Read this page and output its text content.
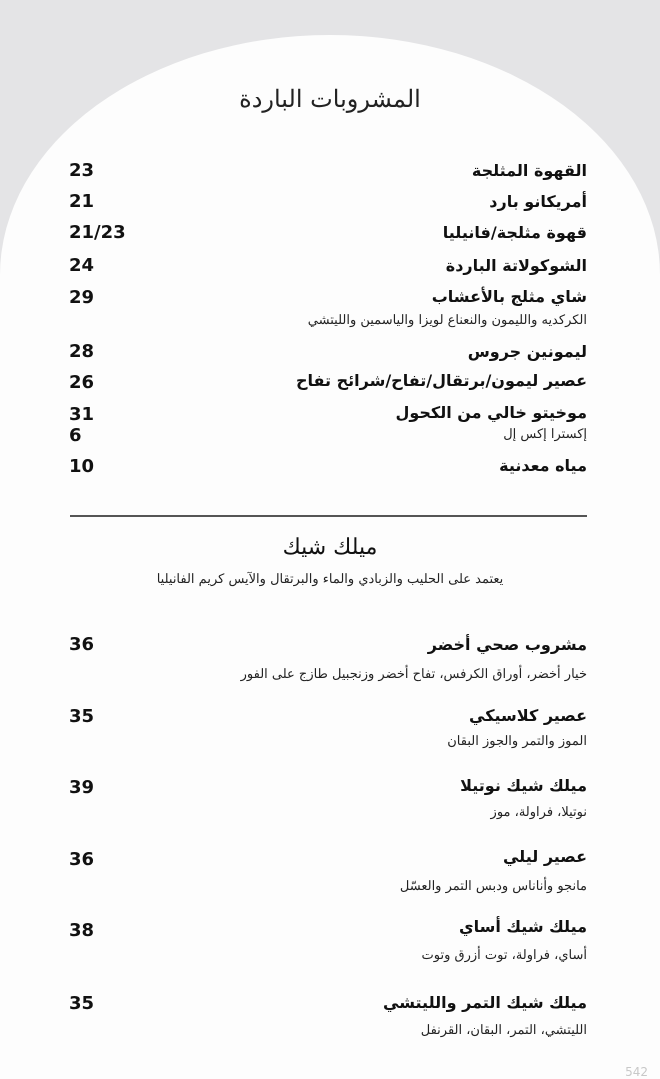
المشروبات الباردة
القهوة المثلجة
23
أمريكانو بارد
21
قهوة مثلجة/فانيليا
21/23
الشوكولاتة الباردة
24
شاي مثلج بالأعشاب
الكركديه والليمون والنعناع لويزا والياسمين والليتشي
29
ليمونين جروس
28
عصير ليمون/برتقال/تفاح/شرائح تفاح
26
موخيتو خالي من الكحول
إكسترا إكس إل
31
6
مياه معدنية
10
ميلك شيك
يعتمد على الحليب والزبادي والماء والبرتقال والآيس كريم الفانيليا
مشروب صحي أخضر
خيار أخضر، أوراق الكرفس، تفاح أخضر وزنجبيل طازج على الفور
36
عصير كلاسيكي
الموز والتمر والجوز البقان
35
ميلك شيك نوتيلا
نوتيلا، فراولة، موز
39
عصير ليلي
مانجو وأناناس ودبس التمر والعسّل
36
ميلك شيك أساي
أساي، فراولة، توت أزرق وتوت
38
ميلك شيك التمر والليتشي
الليتشي، التمر، البقان، القرنفل
35
542
